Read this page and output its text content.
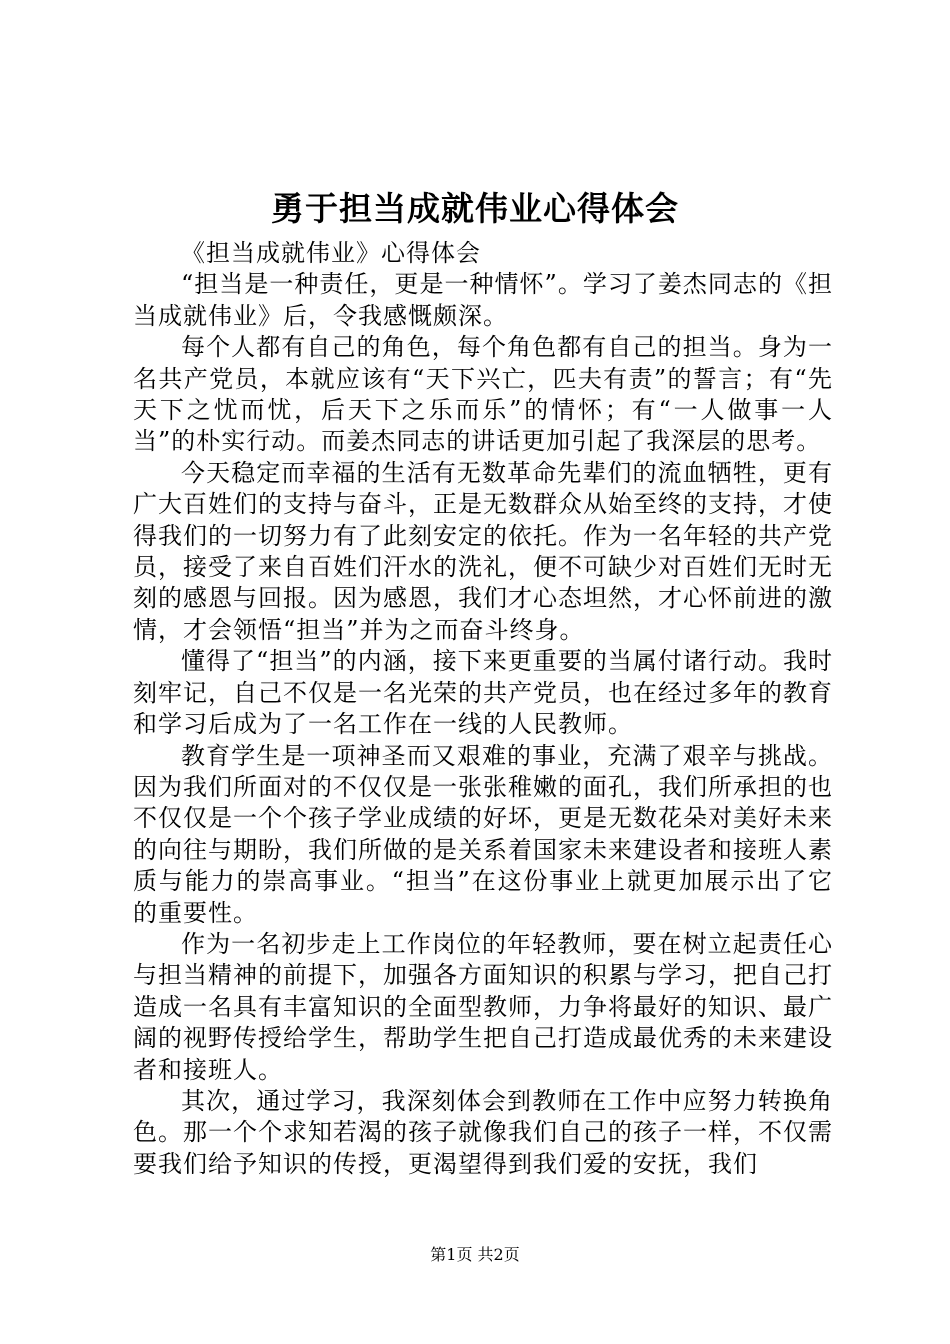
勇于担当成就伟业心得体会

《担当成就伟业》心得体会

“担当是一种责任，更是一种情怀”。学习了姜杰同志的《担当成就伟业》后，令我感慨颇深。

每个人都有自己的角色，每个角色都有自己的担当。身为一名共产党员，本就应该有“天下兴亡，匹夫有责”的誓言；有“先天下之忧而忧，后天下之乐而乐”的情怀；有“一人做事一人当”的朴实行动。而姜杰同志的讲话更加引起了我深层的思考。

今天稳定而幸福的生活有无数革命先辈们的流血牺牲，更有广大百姓们的支持与奋斗，正是无数群众从始至终的支持，才使得我们的一切努力有了此刻安定的依托。作为一名年轻的共产党员，接受了来自百姓们汗水的洗礼，便不可缺少对百姓们无时无刻的感恩与回报。因为感恩，我们才心态坦然，才心怀前进的激情，才会领悟“担当”并为之而奋斗终身。

懂得了“担当”的内涵，接下来更重要的当属付诸行动。我时刻牢记，自己不仅是一名光荣的共产党员，也在经过多年的教育和学习后成为了一名工作在一线的人民教师。

教育学生是一项神圣而又艰难的事业，充满了艰辛与挑战。因为我们所面对的不仅仅是一张张稚嫩的面孔，我们所承担的也不仅仅是一个个孩子学业成绩的好坏，更是无数花朵对美好未来的向往与期盼，我们所做的是关系着国家未来建设者和接班人素质与能力的崇高事业。“担当”在这份事业上就更加展示出了它的重要性。

作为一名初步走上工作岗位的年轻教师，要在树立起责任心与担当精神的前提下，加强各方面知识的积累与学习，把自己打造成一名具有丰富知识的全面型教师，力争将最好的知识、最广阔的视野传授给学生，帮助学生把自己打造成最优秀的未来建设者和接班人。

其次，通过学习，我深刻体会到教师在工作中应努力转换角色。那一个个求知若渴的孩子就像我们自己的孩子一样，不仅需要我们给予知识的传授，更渴望得到我们爱的安抚，我们

第1页 共2页
